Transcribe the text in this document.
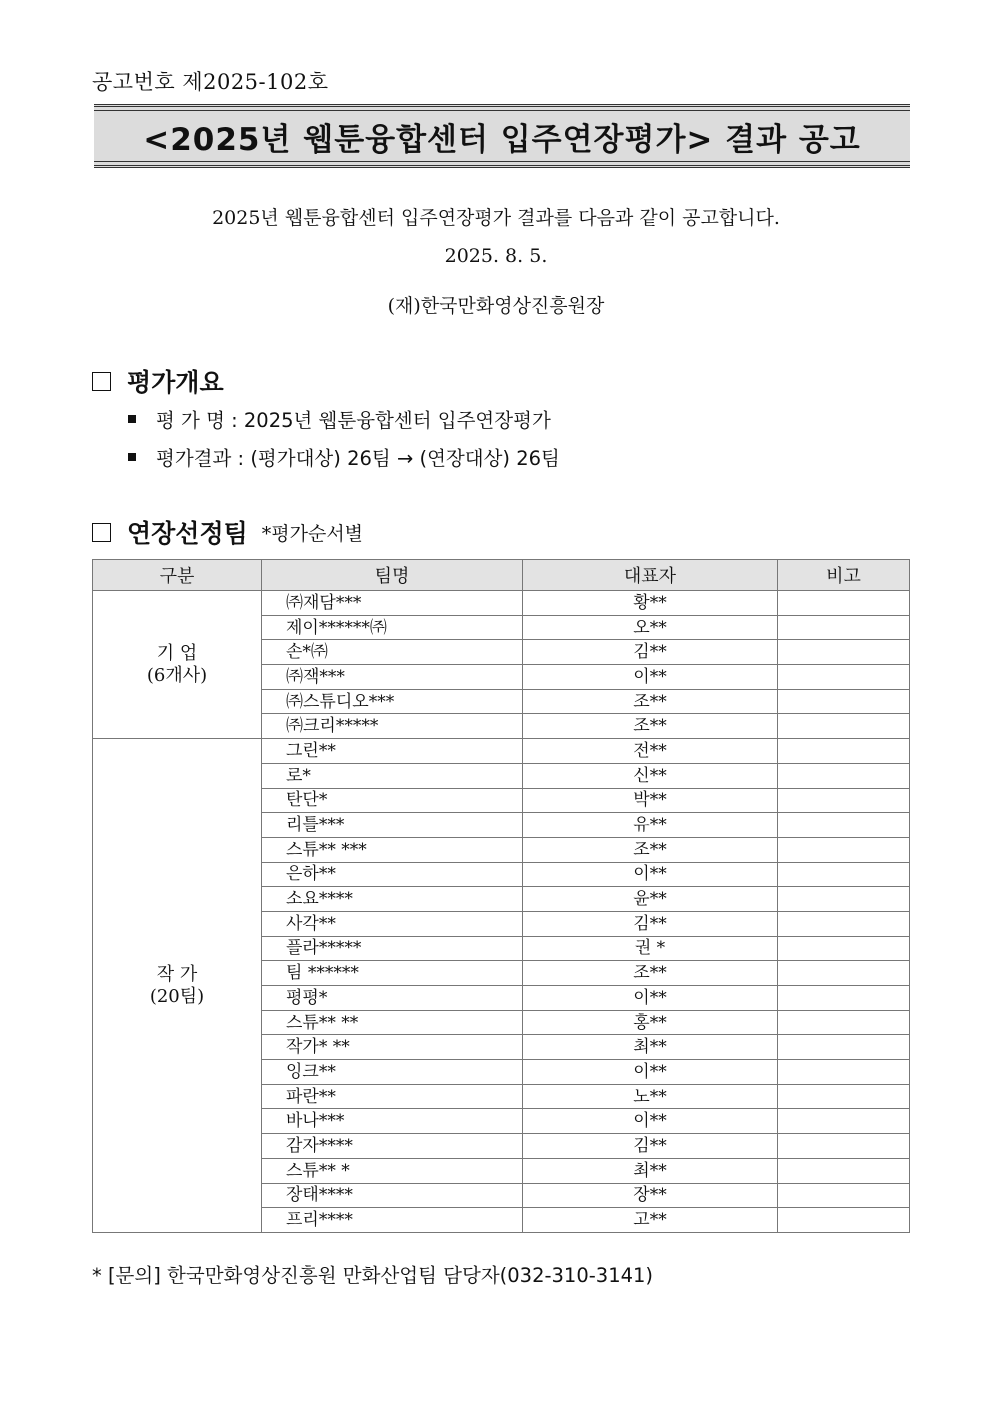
공고번호 제2025-102호
<2025년 웹툰융합센터 입주연장평가> 결과 공고
2025년 웹툰융합센터 입주연장평가 결과를 다음과 같이 공고합니다.
2025. 8. 5.
(재)한국만화영상진흥원장
평가개요
평 가 명 : 2025년 웹툰융합센터 입주연장평가
평가결과 : (평가대상) 26팀 → (연장대상) 26팀
연장선정팀 *평가순서별
구분	팀명	대표자	비고

기 업
(6개사)	㈜재담***	황**	
	제이******㈜	오**	
	손*㈜	김**	
	㈜잭***	이**	
	㈜스튜디오***	조**	
	㈜크리*****	조**	

작 가
(20팀)	그린**	전**	
	로*	신**	
	탄단*	박**	
	리틀***	유**	
	스튜** ***	조**	
	은하**	이**	
	소요****	윤**	
	사각**	김**	
	플라*****	권 *	
	팀 ******	조**	
	평평*	이**	
	스튜** **	홍**	
	작가* **	최**	
	잉크**	이**	
	파란**	노**	
	바나***	이**	
	감자****	김**	
	스튜** *	최**	
	장태****	장**	
	프리****	고**	
* [문의] 한국만화영상진흥원 만화산업팀 담당자(032-310-3141)
